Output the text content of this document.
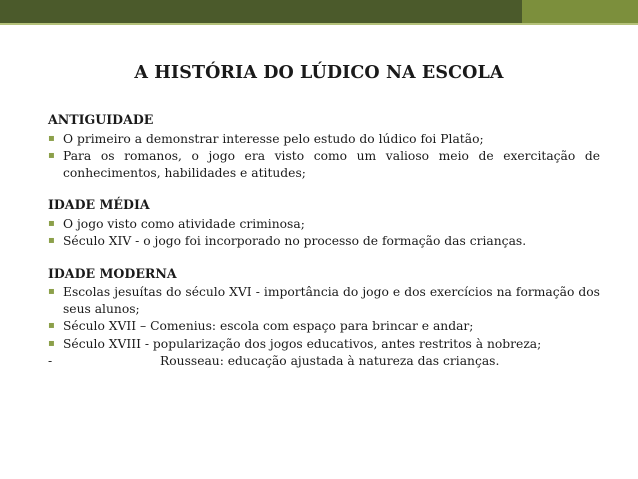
A HISTÓRIA DO LÚDICO NA ESCOLA
ANTIGUIDADE
▪ O primeiro a demonstrar interesse pelo estudo do lúdico foi Platão;
▪ Para os romanos, o jogo era visto como um valioso meio de exercitação de conhecimentos, habilidades e atitudes;
IDADE MÉDIA
▪ O jogo visto como atividade criminosa;
▪ Século XIV - o jogo foi incorporado no processo de formação das crianças.
IDADE MODERNA
▪ Escolas jesuítas do século XVI - importância do jogo e dos exercícios na formação dos seus alunos;
▪ Século XVII – Comenius: escola com espaço para brincar e andar;
▪ Século XVIII - popularização dos jogos educativos, antes restritos à nobreza;
-	Rousseau: educação ajustada à natureza das crianças.
